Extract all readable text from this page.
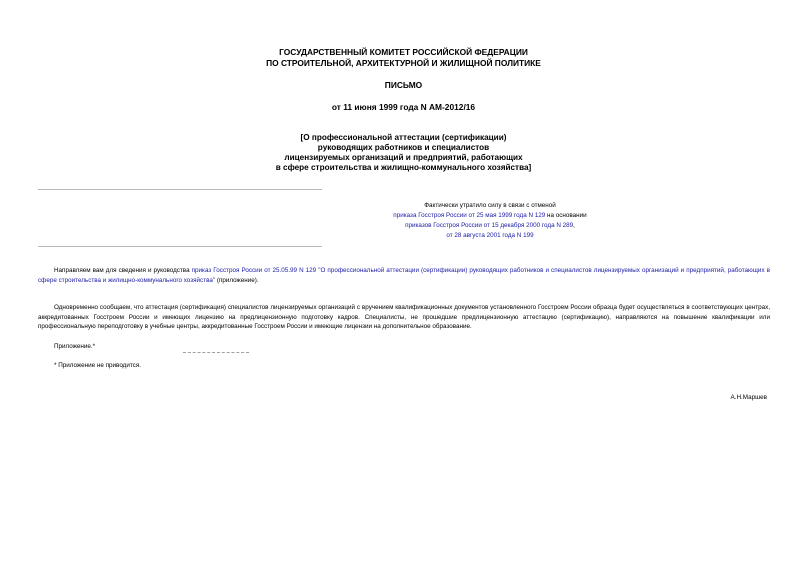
ГОСУДАРСТВЕННЫЙ КОМИТЕТ РОССИЙСКОЙ ФЕДЕРАЦИИ
ПО СТРОИТЕЛЬНОЙ, АРХИТЕКТУРНОЙ И ЖИЛИЩНОЙ ПОЛИТИКЕ
ПИСЬМО
от 11 июня 1999 года N АМ-2012/16
[О профессиональной аттестации (сертификации)
руководящих работников и специалистов
лицензируемых организаций и предприятий, работающих
в сфере строительства и жилищно-коммунального хозяйства]
Фактически утратило силу в связи с отменой
приказа Госстроя России от 25 мая 1999 года N 129 на основании
приказов Госстроя России от 15 декабря 2000 года N 289,
от 28 августа 2001 года N 199

Направляем вам для сведения и руководства приказ Госстроя России от 25.05.99 N 129 "О профессиональной аттестации (сертификации) руководящих работников и специалистов лицензируемых организаций и предприятий, работающих в сфере строительства и жилищно-коммунального хозяйства" (приложение).

Одновременно сообщаем, что аттестация (сертификация) специалистов лицензируемых организаций с вручением квалификационных документов установленного Госстроем России образца будет осуществляться в соответствующих центрах, аккредитованных Госстроем России и имеющих лицензию на предлицензионную подготовку кадров. Специалисты, не прошедшие предлицензионную аттестацию (сертификацию), направляются на повышение квалификации или профессиональную переподготовку в учебные центры, аккредитованные Госстроем России и имеющие лицензии на дополнительное образование.

Приложение.*
* Приложение не приводится.
А.Н.Маршев
